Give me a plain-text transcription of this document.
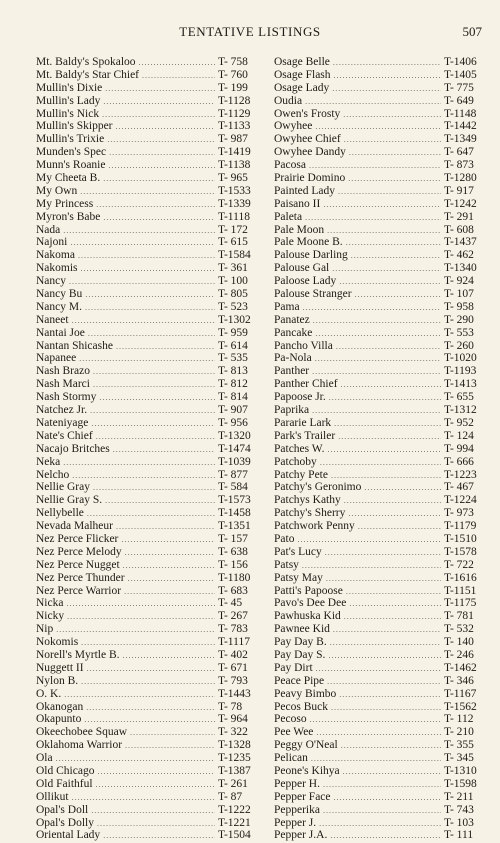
TENTATIVE LISTINGS	507
Mt. Baldy's Spokaloo .....	T- 758
Mt. Baldy's Star Chief .....	T- 760
Mullin's Dixie .....	T- 199
Mullin's Lady .....	T-1128
Mullin's Nick .....	T-1129
Mullin's Skipper .....	T-1133
Mullin's Trixie .....	T- 987
Munden's Spec .....	T-1419
Munn's Roanie .....	T-1138
My Cheeta B. .....	T- 965
My Own .....	T-1533
My Princess .....	T-1339
Myron's Babe .....	T-1118
Nada .....	T- 172
Najoni .....	T- 615
Nakoma .....	T-1584
Nakomis .....	T- 361
Nancy .....	T- 100
Nancy Bu .....	T- 805
Nancy M. .....	T- 523
Naneet .....	T-1302
Nantai Joe .....	T- 959
Nantan Shicashe .....	T- 614
Napanee .....	T- 535
Nash Brazo .....	T- 813
Nash Marci .....	T- 812
Nash Stormy .....	T- 814
Natchez Jr. .....	T- 907
Nateniyage .....	T- 956
Nate's Chief .....	T-1320
Nacajo Britches .....	T-1474
Neka .....	T-1039
Nelcho .....	T- 877
Nellie Gray .....	T- 584
Nellie Gray S. .....	T-1573
Nellybelle .....	T-1458
Nevada Malheur .....	T-1351
Nez Perce Flicker .....	T- 157
Nez Perce Melody .....	T- 638
Nez Perce Nugget .....	T- 156
Nez Perce Thunder .....	T-1180
Nez Perce Warrior .....	T- 683
Nicka .....	T- 45
Nicky .....	T- 267
Nip .....	T- 783
Nokomis .....	T-1117
Norell's Myrtle B. .....	T- 402
Nuggett II .....	T- 671
Nylon B. .....	T- 793
O. K. .....	T-1443
Okanogan .....	T- 78
Okapunto .....	T- 964
Okeechobee Squaw .....	T- 322
Oklahoma Warrior .....	T-1328
Ola .....	T-1235
Old Chicago .....	T-1387
Old Faithful .....	T- 261
Ollikut .....	T- 87
Opal's Doll .....	T-1222
Opal's Dolly .....	T-1221
Oriental Lady .....	T-1504
Osage Belle .....	T-1406
Osage Flash .....	T-1405
Osage Lady .....	T- 775
Oudia .....	T- 649
Owen's Frosty .....	T-1148
Owyhee .....	T-1442
Owyhee Chief .....	T-1349
Owyhee Dandy .....	T- 647
Pacosa .....	T- 873
Prairie Domino .....	T-1280
Painted Lady .....	T- 917
Paisano II .....	T-1242
Paleta .....	T- 291
Pale Moon .....	T- 608
Pale Moone B. .....	T-1437
Palouse Darling .....	T- 462
Palouse Gal .....	T-1340
Paloose Lady .....	T- 924
Palouse Stranger .....	T- 107
Pama .....	T- 958
Panatez .....	T- 290
Pancake .....	T- 553
Pancho Villa .....	T- 260
Pa-Nola .....	T-1020
Panther .....	T-1193
Panther Chief .....	T-1413
Papoose Jr. .....	T- 655
Paprika .....	T-1312
Pararie Lark .....	T- 952
Park's Trailer .....	T- 124
Patches W. .....	T- 994
Patchoby .....	T- 666
Patchy Pete .....	T-1223
Patchy's Geronimo .....	T- 467
Patchys Kathy .....	T-1224
Patchy's Sherry .....	T- 973
Patchwork Penny .....	T-1179
Pato .....	T-1510
Pat's Lucy .....	T-1578
Patsy .....	T- 722
Patsy May .....	T-1616
Patti's Papoose .....	T-1151
Pavo's Dee Dee .....	T-1175
Pawhuska Kid .....	T- 781
Pawnee Kid .....	T- 532
Pay Day B. .....	T- 140
Pay Day S. .....	T- 246
Pay Dirt .....	T-1462
Peace Pipe .....	T- 346
Peavy Bimbo .....	T-1167
Pecos Buck .....	T-1562
Pecoso .....	T- 112
Pee Wee .....	T- 210
Peggy O'Neal .....	T- 355
Pelican .....	T- 345
Peone's Kihya .....	T-1310
Pepper H. .....	T-1598
Pepper Face .....	T- 211
Pepperika .....	T- 743
Pepper J. .....	T- 103
Pepper J.A. .....	T- 111
